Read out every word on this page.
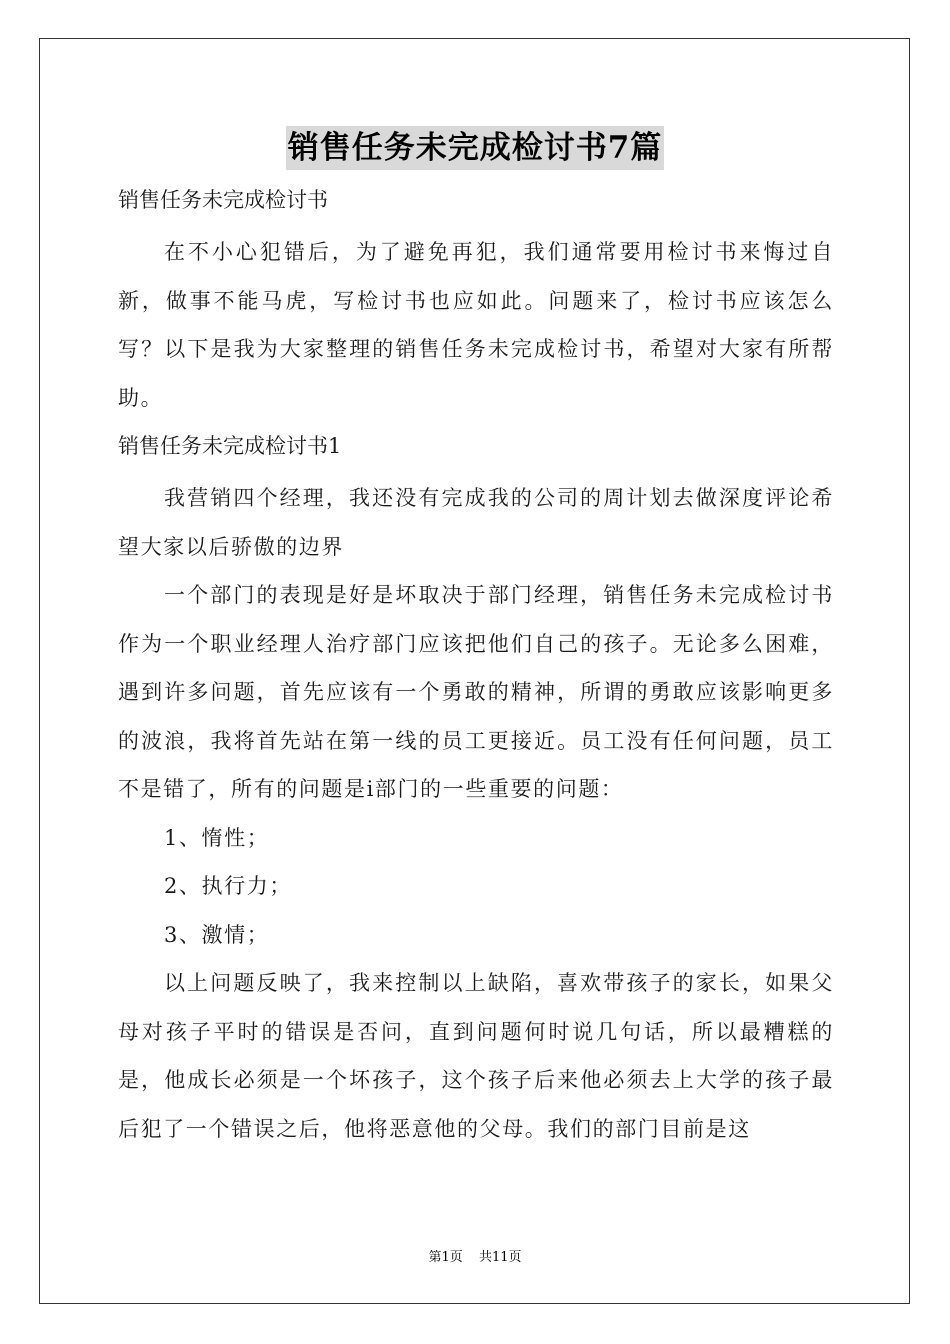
销售任务未完成检讨书7篇

销售任务未完成检讨书

在不小心犯错后，为了避免再犯，我们通常要用检讨书来悔过自新，做事不能马虎，写检讨书也应如此。问题来了，检讨书应该怎么写？以下是我为大家整理的销售任务未完成检讨书，希望对大家有所帮助。

销售任务未完成检讨书1

我营销四个经理，我还没有完成我的公司的周计划去做深度评论希望大家以后骄傲的边界

一个部门的表现是好是坏取决于部门经理，销售任务未完成检讨书作为一个职业经理人治疗部门应该把他们自己的孩子。无论多么困难，遇到许多问题，首先应该有一个勇敢的精神，所谓的勇敢应该影响更多的波浪，我将首先站在第一线的员工更接近。员工没有任何问题，员工不是错了，所有的问题是i部门的一些重要的问题：

1、惰性；

2、执行力；

3、激情；

以上问题反映了，我来控制以上缺陷，喜欢带孩子的家长，如果父母对孩子平时的错误是否问，直到问题何时说几句话，所以最糟糕的是，他成长必须是一个坏孩子，这个孩子后来他必须去上大学的孩子最后犯了一个错误之后，他将恶意他的父母。我们的部门目前是这

第1页 共11页
